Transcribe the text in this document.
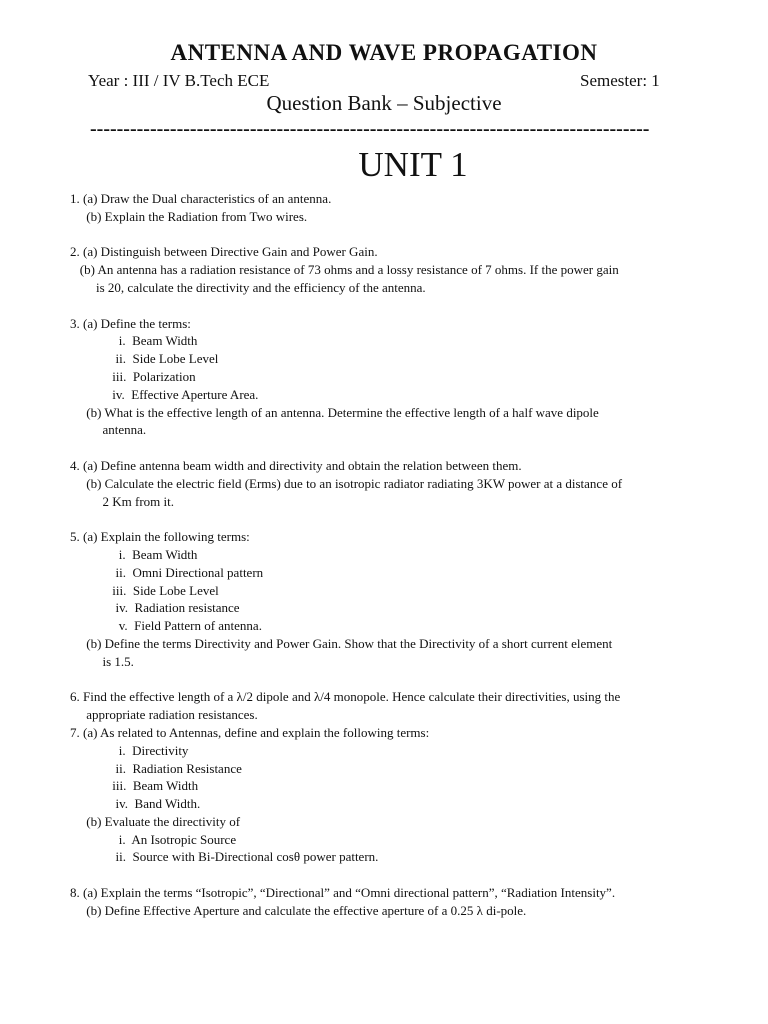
ANTENNA AND WAVE PROPAGATION
Year : III / IV B.Tech ECE	Semester: 1
Question Bank – Subjective
------------------------------------------------------------------------------------
UNIT 1
1. (a) Draw the Dual characteristics of an antenna.
(b) Explain the Radiation from Two wires.
2. (a) Distinguish between Directive Gain and Power Gain.
(b) An antenna has a radiation resistance of 73 ohms and a lossy resistance of 7 ohms. If the power gain
is 20, calculate the directivity and the efficiency of the antenna.
3. (a) Define the terms:
i.  Beam Width
ii.  Side Lobe Level
iii.  Polarization
iv.  Effective Aperture Area.
(b) What is the effective length of an antenna. Determine the effective length of a half wave dipole
antenna.
4. (a) Define antenna beam width and directivity and obtain the relation between them.
(b) Calculate the electric field (Erms) due to an isotropic radiator radiating 3KW power at a distance of
2 Km from it.
5. (a) Explain the following terms:
i.  Beam Width
ii.  Omni Directional pattern
iii.  Side Lobe Level
iv.  Radiation resistance
v.  Field Pattern of antenna.
(b) Define the terms Directivity and Power Gain. Show that the Directivity of a short current element
is 1.5.
6. Find the effective length of a λ/2 dipole and λ/4 monopole. Hence calculate their directivities, using the
appropriate radiation resistances.
7. (a) As related to Antennas, define and explain the following terms:
i.  Directivity
ii.  Radiation Resistance
iii.  Beam Width
iv.  Band Width.
(b) Evaluate the directivity of
i.  An Isotropic Source
ii.  Source with Bi-Directional cosθ power pattern.
8. (a) Explain the terms “Isotropic”, “Directional” and “Omni directional pattern”, “Radiation Intensity”.
(b) Define Effective Aperture and calculate the effective aperture of a 0.25 λ di-pole.
